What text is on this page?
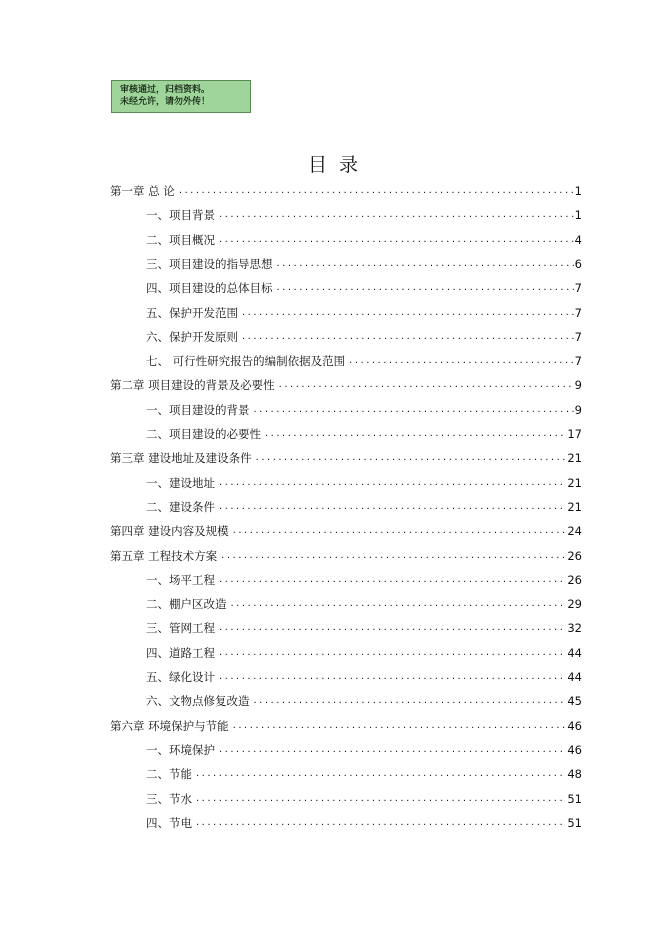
审核通过，归档资料。
未经允许，请勿外传！
目录
第一章 总 论 .....	1
一、项目背景 .....	1
二、项目概况 .....	4
三、项目建设的指导思想 .....	6
四、项目建设的总体目标 .....	7
五、保护开发范围 .....	7
六、保护开发原则 .....	7
七、 可行性研究报告的编制依据及范围 .....	7
第二章 项目建设的背景及必要性 .....	9
一、项目建设的背景 .....	9
二、项目建设的必要性 .....	17
第三章 建设地址及建设条件 .....	21
一、建设地址 .....	21
二、建设条件 .....	21
第四章 建设内容及规模 .....	24
第五章 工程技术方案 .....	26
一、场平工程 .....	26
二、棚户区改造 .....	29
三、管网工程 .....	32
四、道路工程 .....	44
五、绿化设计 .....	44
六、文物点修复改造 .....	45
第六章 环境保护与节能 .....	46
一、环境保护 .....	46
二、节能 .....	48
三、节水 .....	51
四、节电 .....	51
